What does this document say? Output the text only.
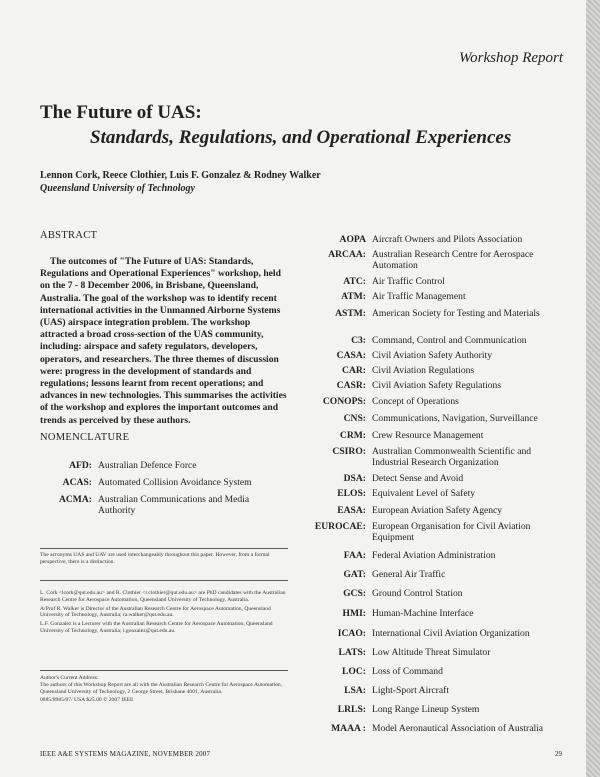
Workshop Report
The Future of UAS:
Standards, Regulations, and Operational Experiences
Lennon Cork, Reece Clothier, Luis F. Gonzalez & Rodney Walker
Queensland University of Technology
ABSTRACT

The outcomes of "The Future of UAS: Standards, Regulations and Operational Experiences" workshop, held on the 7 - 8 December 2006, in Brisbane, Queensland, Australia. The goal of the workshop was to identify recent international activities in the Unmanned Airborne Systems (UAS) airspace integration problem. The workshop attracted a broad cross-section of the UAS community, including: airspace and safety regulators, developers, operators, and researchers. The three themes of discussion were: progress in the development of standards and regulations; lessons learnt from recent operations; and advances in new technologies. This summarises the activities of the workshop and explores the important outcomes and trends as perceived by these authors.

NOMENCLATURE
AFD: Australian Defence Force
ACAS: Automated Collision Avoidance System
ACMA: Australian Communications and Media Authority
The acronyms UAS and UAV are used interchangeably throughout this paper. However, from a formal perspective, there is a distinction.

L. Cork <lcork@qut.edu.au> and R. Clothier <r.clothier@qut.edu.au> are PhD candidates with the Australian Research Centre for Aerospace Automation, Queensland University of Technology, Australia.

A/Prof R. Walker is Director of the Australian Research Centre for Aerospace Automation, Queensland University of Technology, Australia; ra.walker@qut.edu.au.

L.F. Gonzalez is a Lecturer with the Australian Research Centre for Aerospace Automation, Queensland University of Technology, Australia; l.gonzalez@qut.edu.au.

Author's Current Address:

The authors of this Workshop Report are all with the Australian Research Centre for Aerospace Automation, Queensland University of Technology, 2 George Street, Brisbane 4001, Australia.

0885/8985/07/ USA $25.00 © 2007 IEEE

AOPA Aircraft Owners and Pilots Association
ARCAA: Australian Research Centre for Aerospace Automation
ATC: Air Traffic Control
ATM: Air Traffic Management
ASTM: American Society for Testing and Materials
C3: Command, Control and Communication
CASA: Civil Aviation Safety Authority
CAR: Civil Aviation Regulations
CASR: Civil Aviation Safety Regulations
CONOPS: Concept of Operations
CNS: Communications, Navigation, Surveillance
CRM: Crew Resource Management
CSIRO: Australian Commonwealth Scientific and Industrial Research Organization
DSA: Detect Sense and Avoid
ELOS: Equivalent Level of Safety
EASA: European Aviation Safety Agency
EUROCAE: European Organisation for Civil Aviation Equipment
FAA: Federal Aviation Administration
GAT: General Air Traffic
GCS: Ground Control Station
HMI: Human-Machine Interface
ICAO: International Civil Aviation Organization
LATS: Low Altitude Threat Simulator
LOC: Loss of Command
LSA: Light-Sport Aircraft
LRLS: Long Range Lineup System
MAAA : Model Aeronautical Association of Australia
IEEE A&E SYSTEMS MAGAZINE, NOVEMBER 2007	29
